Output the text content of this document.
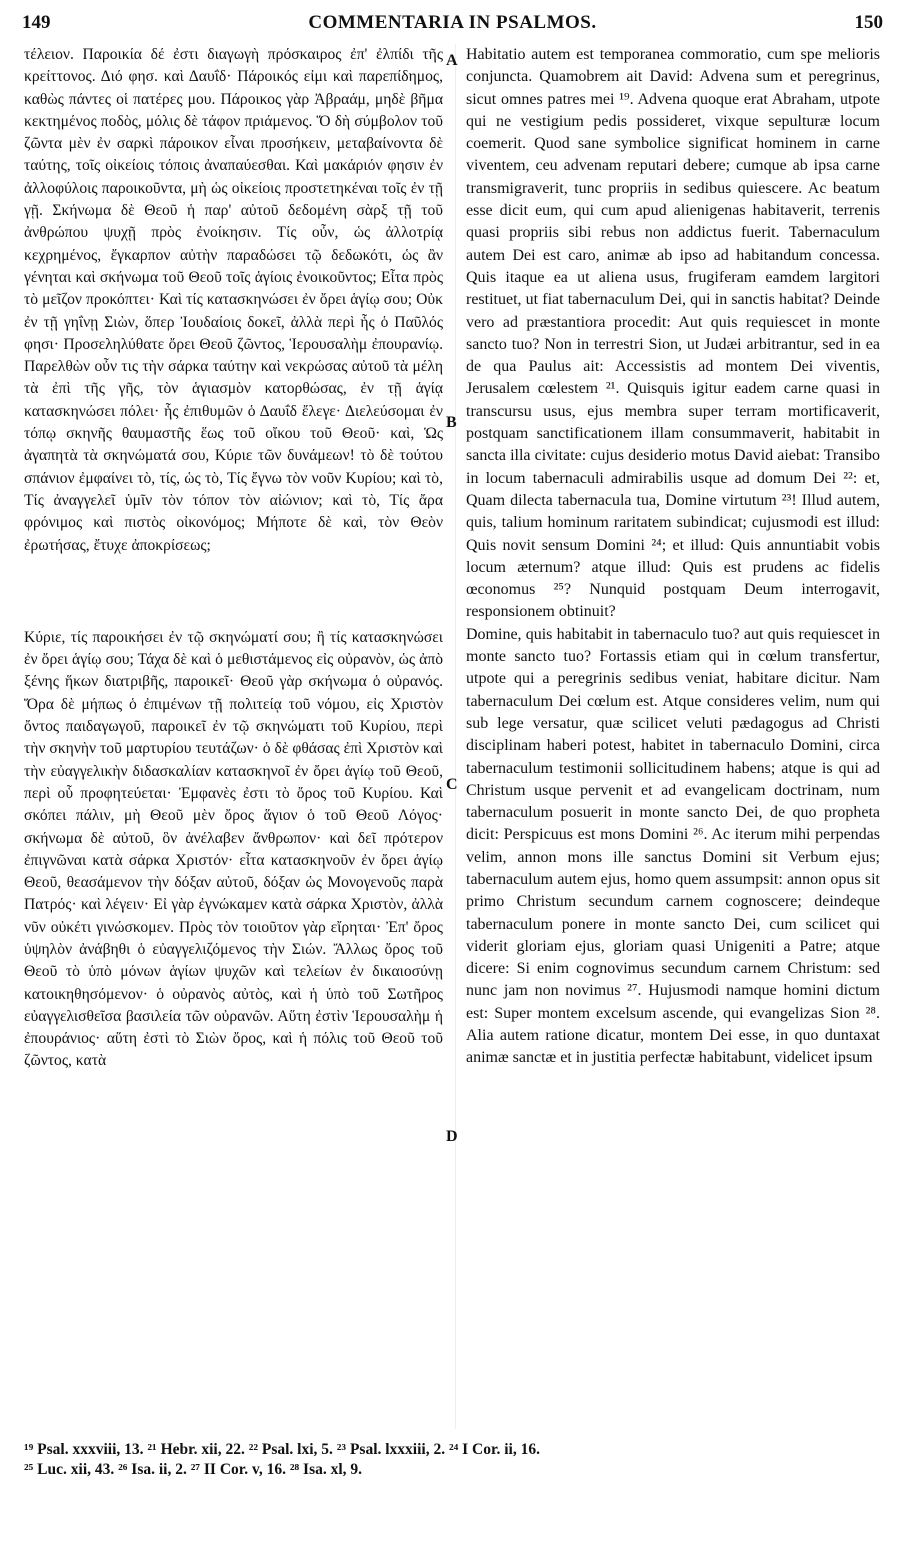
149	COMMENTARIA IN PSALMOS.	150
A
B
C
D

τέλειον. Παροικία δέ ἐστι διαγωγὴ πρόσκαιρος ἐπ' ἐλπίδι τῆς κρείττονος. Διό φησ. καὶ Δαυΐδ· Πάροικός εἰμι καὶ παρεπίδημος, καθὼς πάντες οἱ πατέρες μου. Πάροικος γὰρ Ἀβραάμ, μηδὲ βῆμα κεκτημένος ποδὸς, μόλις δὲ τάφον πριάμενος. Ὅ δὴ σύμβολον τοῦ ζῶντα μὲν ἐν σαρκὶ πάροικον εἶναι προσήκειν, μεταβαίνοντα δὲ ταύτης, τοῖς οἰκείοις τόποις ἀναπαύεσθαι. Καὶ μακάριόν φησιν ἐν ἀλλοφύλοις παροικοῦντα, μὴ ὡς οἰκείοις προστετηκέναι τοῖς ἐν τῇ γῇ. Σκήνωμα δὲ Θεοῦ ἡ παρ' αὐτοῦ δεδομένη σὰρξ τῇ τοῦ ἀνθρώπου ψυχῇ πρὸς ἐνοίκησιν. Τίς οὖν, ὡς ἀλλοτρίᾳ κεχρημένος, ἔγκαρπον αὐτὴν παραδώσει τῷ δεδωκότι, ὡς ἂν γένηται καὶ σκήνωμα τοῦ Θεοῦ τοῖς ἁγίοις ἐνοικοῦντος; Εἶτα πρὸς τὸ μεῖζον προκόπτει· Καὶ τίς κατασκηνώσει ἐν ὄρει ἁγίῳ σου; Οὐκ ἐν τῇ γηΐνῃ Σιὼν, ὅπερ Ἰουδαίοις δοκεῖ, ἀλλὰ περὶ ἧς ὁ Παῦλός φησι· Προσεληλύθατε ὄρει Θεοῦ ζῶντος, Ἱερουσαλὴμ ἐπουρανίῳ. Παρελθὼν οὖν τις τὴν σάρκα ταύτην καὶ νεκρώσας αὐτοῦ τὰ μέλη τὰ ἐπὶ τῆς γῆς, τὸν ἁγιασμὸν κατορθώσας, ἐν τῇ ἁγίᾳ κατασκηνώσει πόλει· ἧς ἐπιθυμῶν ὁ Δαυΐδ ἔλεγε· Διελεύσομαι ἐν τόπῳ σκηνῆς θαυμαστῆς ἕως τοῦ οἴκου τοῦ Θεοῦ· καὶ, Ὡς ἀγαπητὰ τὰ σκηνώματά σου, Κύριε τῶν δυνάμεων! τὸ δὲ τούτου σπάνιον ἐμφαίνει τὸ, τίς, ὡς τὸ, Τίς ἔγνω τὸν νοῦν Κυρίου; καὶ τὸ, Τίς ἀναγγελεῖ ὑμῖν τὸν τόπον τὸν αἰώνιον; καὶ τὸ, Τίς ἄρα φρόνιμος καὶ πιστὸς οἰκονόμος; Μήποτε δὲ καὶ, τὸν Θεὸν ἐρωτήσας, ἔτυχε ἀποκρίσεως;

Κύριε, τίς παροικήσει ἐν τῷ σκηνώματί σου; ἢ τίς κατασκηνώσει ἐν ὄρει ἁγίῳ σου; Τάχα δὲ καὶ ὁ μεθιστάμενος εἰς οὐρανὸν, ὡς ἀπὸ ξένης ἥκων διατριβῆς, παροικεῖ· Θεοῦ γὰρ σκήνωμα ὁ οὐρανός. Ὅρα δὲ μήπως ὁ ἐπιμένων τῇ πολιτείᾳ τοῦ νόμου, εἰς Χριστὸν ὄντος παιδαγωγοῦ, παροικεῖ ἐν τῷ σκηνώματι τοῦ Κυρίου, περὶ τὴν σκηνὴν τοῦ μαρτυρίου τευτάζων· ὁ δὲ φθάσας ἐπὶ Χριστὸν καὶ τὴν εὐαγγελικὴν διδασκαλίαν κατασκηνοῖ ἐν ὄρει ἁγίῳ τοῦ Θεοῦ, περὶ οὗ προφητεύεται· Ἐμφανὲς ἐστι τὸ ὄρος τοῦ Κυρίου. Καὶ σκόπει πάλιν, μὴ Θεοῦ μὲν ὄρος ἅγιον ὁ τοῦ Θεοῦ Λόγος· σκήνωμα δὲ αὐτοῦ, ὃν ἀνέλαβεν ἄνθρωπον· καὶ δεῖ πρότερον ἐπιγνῶναι κατὰ σάρκα Χριστόν· εἶτα κατασκηνοῦν ἐν ὄρει ἁγίῳ Θεοῦ, θεασάμενον τὴν δόξαν αὐτοῦ, δόξαν ὡς Μονογενοῦς παρὰ Πατρός· καὶ λέγειν· Εἰ γὰρ ἐγνώκαμεν κατὰ σάρκα Χριστὸν, ἀλλὰ νῦν οὐκέτι γινώσκομεν. Πρὸς τὸν τοιοῦτον γὰρ εἴρηται· Ἐπ' ὄρος ὑψηλὸν ἀνάβηθι ὁ εὐαγγελιζόμενος τὴν Σιών. Ἄλλως ὄρος τοῦ Θεοῦ τὸ ὑπὸ μόνων ἁγίων ψυχῶν καὶ τελείων ἐν δικαιοσύνῃ κατοικηθησόμενον· ὁ οὐρανὸς αὐτὸς, καὶ ἡ ὑπὸ τοῦ Σωτῆρος εὐαγγελισθεῖσα βασιλεία τῶν οὐρανῶν. Αὕτη ἐστὶν Ἱερουσαλὴμ ἡ ἐπουράνιος· αὕτη ἐστὶ τὸ Σιὼν ὄρος, καὶ ἡ πόλις τοῦ Θεοῦ τοῦ ζῶντος, κατὰ

Habitatio autem est temporanea commoratio, cum spe melioris conjuncta. Quamobrem ait David: Advena sum et peregrinus, sicut omnes patres mei ¹⁹. Advena quoque erat Abraham, utpote qui ne vestigium pedis possideret, vixque sepulturæ locum coemerit. Quod sane symbolice significat hominem in carne viventem, ceu advenam reputari debere; cumque ab ipsa carne transmigraverit, tunc propriis in sedibus quiescere. Ac beatum esse dicit eum, qui cum apud alienigenas habitaverit, terrenis quasi propriis sibi rebus non addictus fuerit. Tabernaculum autem Dei est caro, animæ ab ipso ad habitandum concessa. Quis itaque ea ut aliena usus, frugiferam eamdem largitori restituet, ut fiat tabernaculum Dei, qui in sanctis habitat? Deinde vero ad præstantiora procedit: Aut quis requiescet in monte sancto tuo? Non in terrestri Sion, ut Judæi arbitrantur, sed in ea de qua Paulus ait: Accessistis ad montem Dei viventis, Jerusalem cœlestem ²¹. Quisquis igitur eadem carne quasi in transcursu usus, ejus membra super terram mortificaverit, postquam sanctificationem illam consummaverit, habitabit in sancta illa civitate: cujus desiderio motus David aiebat: Transibo in locum tabernaculi admirabilis usque ad domum Dei ²²: et, Quam dilecta tabernacula tua, Domine virtutum ²³! Illud autem, quis, talium hominum raritatem subindicat; cujusmodi est illud: Quis novit sensum Domini ²⁴; et illud: Quis annuntiabit vobis locum æternum? atque illud: Quis est prudens ac fidelis œconomus ²⁵? Nunquid postquam Deum interrogavit, responsionem obtinuit?

Domine, quis habitabit in tabernaculo tuo? aut quis requiescet in monte sancto tuo? Fortassis etiam qui in cœlum transfertur, utpote qui a peregrinis sedibus veniat, habitare dicitur. Nam tabernaculum Dei cœlum est. Atque consideres velim, num qui sub lege versatur, quæ scilicet veluti pædagogus ad Christi disciplinam haberi potest, habitet in tabernaculo Domini, circa tabernaculum testimonii sollicitudinem habens; atque is qui ad Christum usque pervenit et ad evangelicam doctrinam, num tabernaculum posuerit in monte sancto Dei, de quo propheta dicit: Perspicuus est mons Domini ²⁶. Ac iterum mihi perpendas velim, annon mons ille sanctus Domini sit Verbum ejus; tabernaculum autem ejus, homo quem assumpsit: annon opus sit primo Christum secundum carnem cognoscere; deindeque tabernaculum ponere in monte sancto Dei, cum scilicet qui viderit gloriam ejus, gloriam quasi Unigeniti a Patre; atque dicere: Si enim cognovimus secundum carnem Christum: sed nunc jam non novimus ²⁷. Hujusmodi namque homini dictum est: Super montem excelsum ascende, qui evangelizas Sion ²⁸. Alia autem ratione dicatur, montem Dei esse, in quo duntaxat animæ sanctæ et in justitia perfectæ habitabunt, videlicet ipsum

¹⁹ Psal. xxxviii, 13. ²¹ Hebr. xii, 22. ²² Psal. lxi, 5. ²³ Psal. lxxxiii, 2. ²⁴ I Cor. ii, 16.

²⁵ Luc. xii, 43. ²⁶ Isa. ii, 2. ²⁷ II Cor. v, 16. ²⁸ Isa. xl, 9.
